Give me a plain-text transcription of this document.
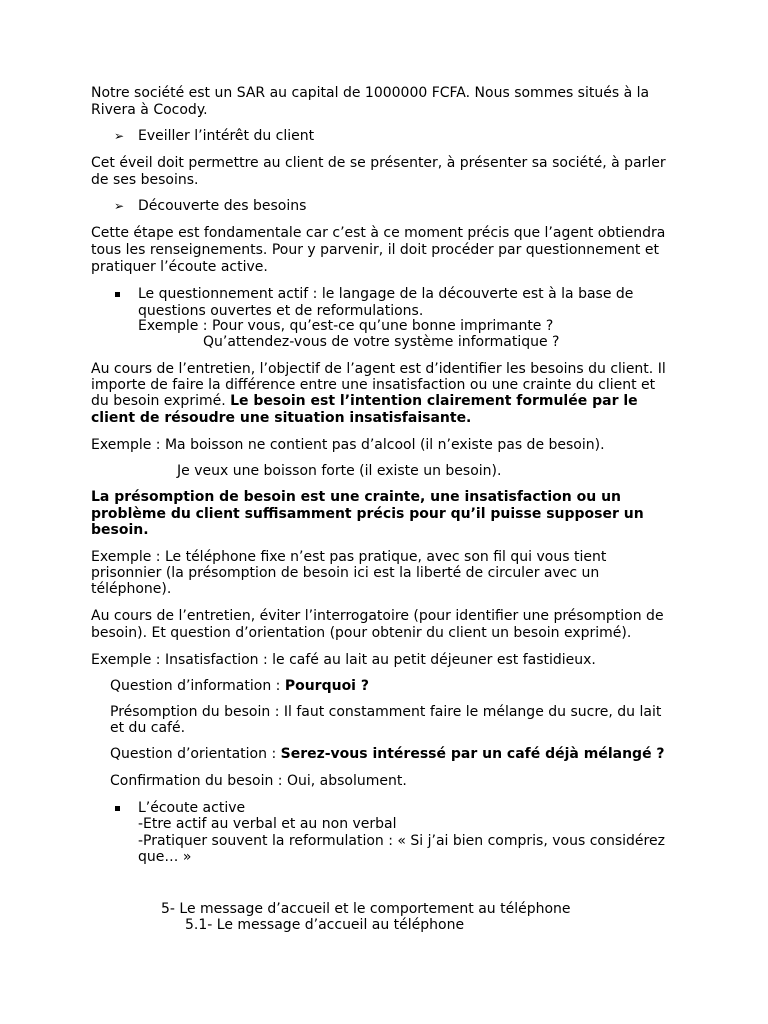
Notre société est un SAR au capital de 1000000 FCFA. Nous sommes situés à la
Rivera à Cocody.
➢ Eveiller l’intérêt du client
Cet éveil doit permettre au client de se présenter, à présenter sa société, à parler
de ses besoins.
➢ Découverte des besoins
Cette étape est fondamentale car c’est à ce moment précis que l’agent obtiendra
tous les renseignements. Pour y parvenir, il doit procéder par questionnement et
pratiquer l’écoute active.
Le questionnement actif : le langage de la découverte est à la base de
questions ouvertes et de reformulations.
Exemple : Pour vous, qu’est-ce qu’une bonne imprimante ?
Qu’attendez-vous de votre système informatique ?
Au cours de l’entretien, l’objectif de l’agent est d’identifier les besoins du client. Il
importe de faire la différence entre une insatisfaction ou une crainte du client et
du besoin exprimé. Le besoin est l’intention clairement formulée par le
client de résoudre une situation insatisfaisante.
Exemple : Ma boisson ne contient pas d’alcool (il n’existe pas de besoin).
Je veux une boisson forte (il existe un besoin).
La présomption de besoin est une crainte, une insatisfaction ou un
problème du client suffisamment précis pour qu’il puisse supposer un
besoin.
Exemple : Le téléphone fixe n’est pas pratique, avec son fil qui vous tient
prisonnier (la présomption de besoin ici est la liberté de circuler avec un
téléphone).
Au cours de l’entretien, éviter l’interrogatoire (pour identifier une présomption de
besoin). Et question d’orientation (pour obtenir du client un besoin exprimé).
Exemple : Insatisfaction : le café au lait au petit déjeuner est fastidieux.
Question d’information : Pourquoi ?
Présomption du besoin : Il faut constamment faire le mélange du sucre, du lait
et du café.
Question d’orientation : Serez-vous intéressé par un café déjà mélangé ?
Confirmation du besoin : Oui, absolument.
L’écoute active
-Etre actif au verbal et au non verbal
-Pratiquer souvent la reformulation : « Si j’ai bien compris, vous considérez
que… »
5- Le message d’accueil et le comportement au téléphone
5.1- Le message d’accueil au téléphone
